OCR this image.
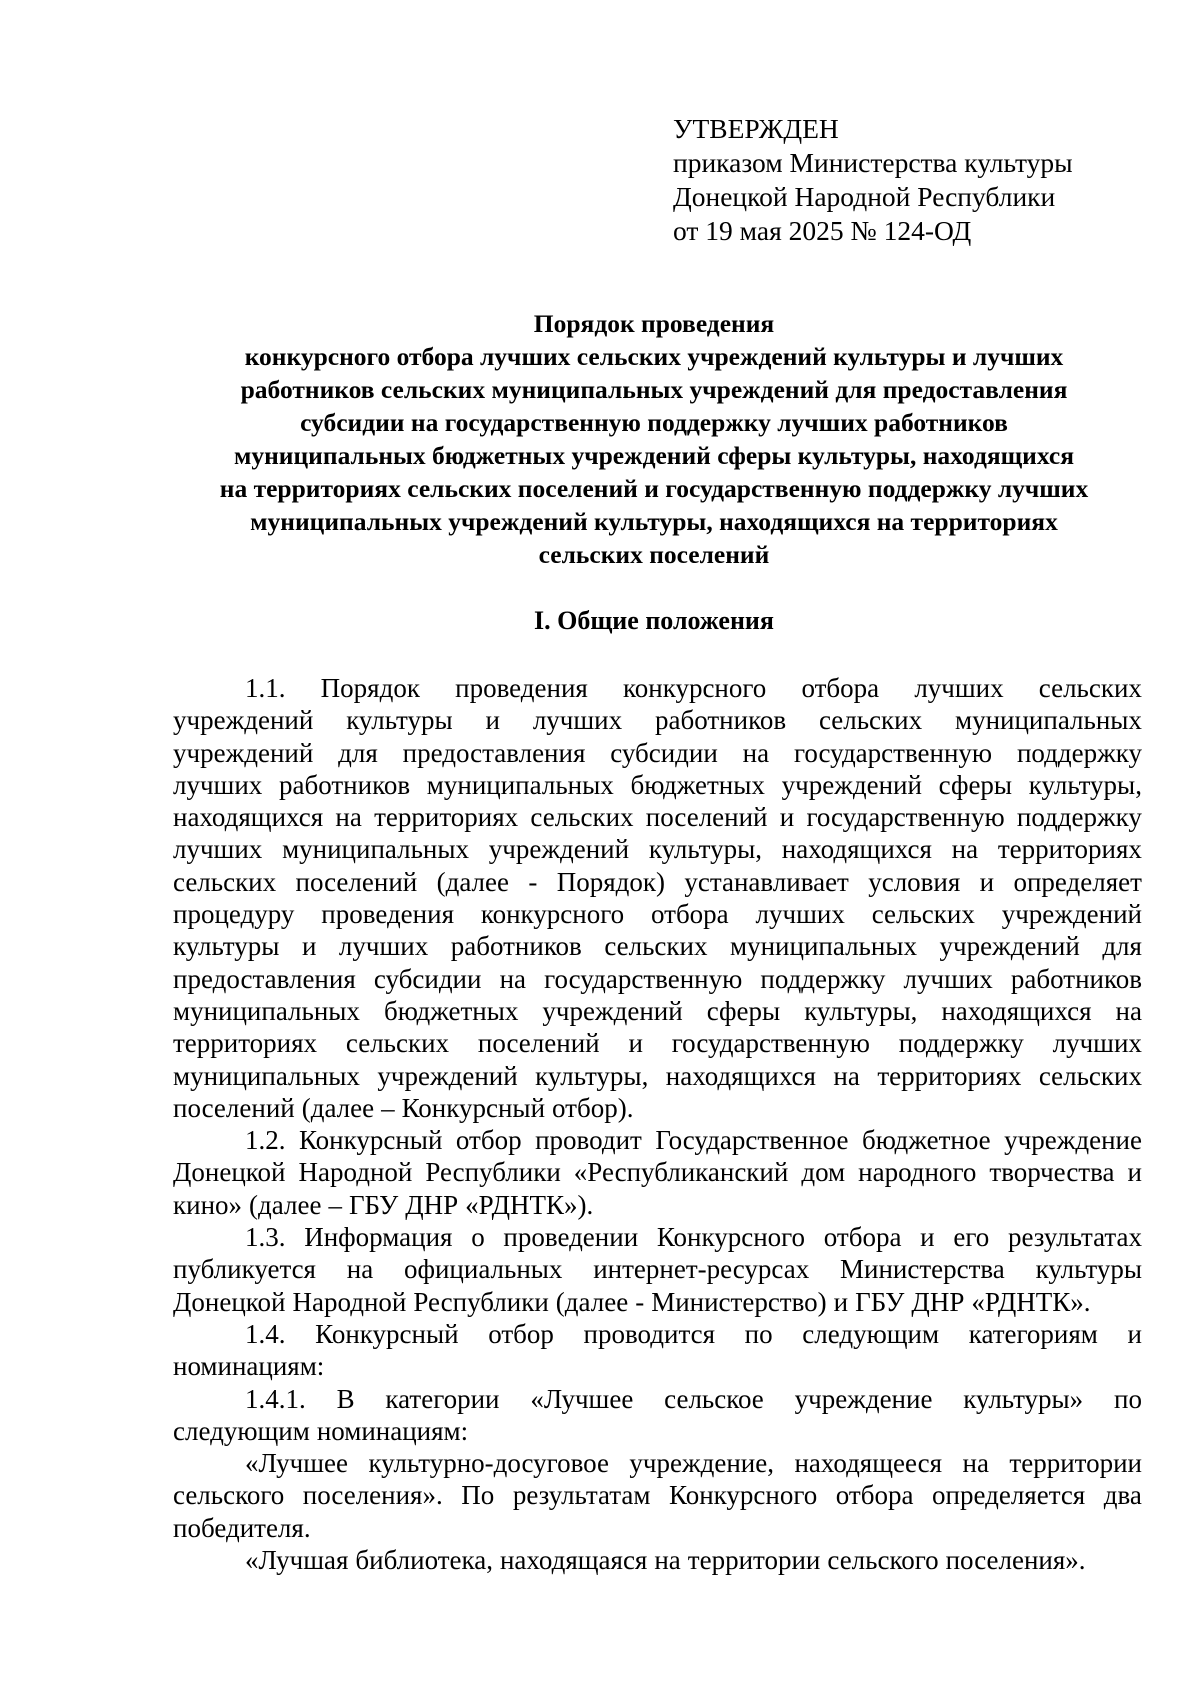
УТВЕРЖДЕН
приказом Министерства культуры
Донецкой Народной Республики
от 19 мая 2025 № 124-ОД
Порядок проведения
конкурсного отбора лучших сельских учреждений культуры и лучших
работников сельских муниципальных учреждений для предоставления
субсидии на государственную поддержку лучших работников
муниципальных бюджетных учреждений сферы культуры, находящихся
на территориях сельских поселений и государственную поддержку лучших
муниципальных учреждений культуры, находящихся на территориях
сельских поселений
I. Общие положения
1.1. Порядок проведения конкурсного отбора лучших сельских
учреждений культуры и лучших работников сельских муниципальных
учреждений для предоставления субсидии на государственную поддержку
лучших работников муниципальных бюджетных учреждений сферы культуры,
находящихся на территориях сельских поселений и государственную поддержку
лучших муниципальных учреждений культуры, находящихся на территориях
сельских поселений (далее - Порядок) устанавливает условия и определяет
процедуру проведения конкурсного отбора лучших сельских учреждений
культуры и лучших работников сельских муниципальных учреждений для
предоставления субсидии на государственную поддержку лучших работников
муниципальных бюджетных учреждений сферы культуры, находящихся на
территориях сельских поселений и государственную поддержку лучших
муниципальных учреждений культуры, находящихся на территориях сельских
поселений (далее – Конкурсный отбор).
1.2. Конкурсный отбор проводит Государственное бюджетное учреждение
Донецкой Народной Республики «Республиканский дом народного творчества и
кино» (далее – ГБУ ДНР «РДНТК»).
1.3. Информация о проведении Конкурсного отбора и его результатах
публикуется на официальных интернет-ресурсах Министерства культуры
Донецкой Народной Республики (далее - Министерство) и ГБУ ДНР «РДНТК».
1.4. Конкурсный отбор проводится по следующим категориям и
номинациям:
1.4.1. В категории «Лучшее сельское учреждение культуры» по
следующим номинациям:
«Лучшее культурно-досуговое учреждение, находящееся на территории
сельского поселения». По результатам Конкурсного отбора определяется два
победителя.
«Лучшая библиотека, находящаяся на территории сельского поселения».
